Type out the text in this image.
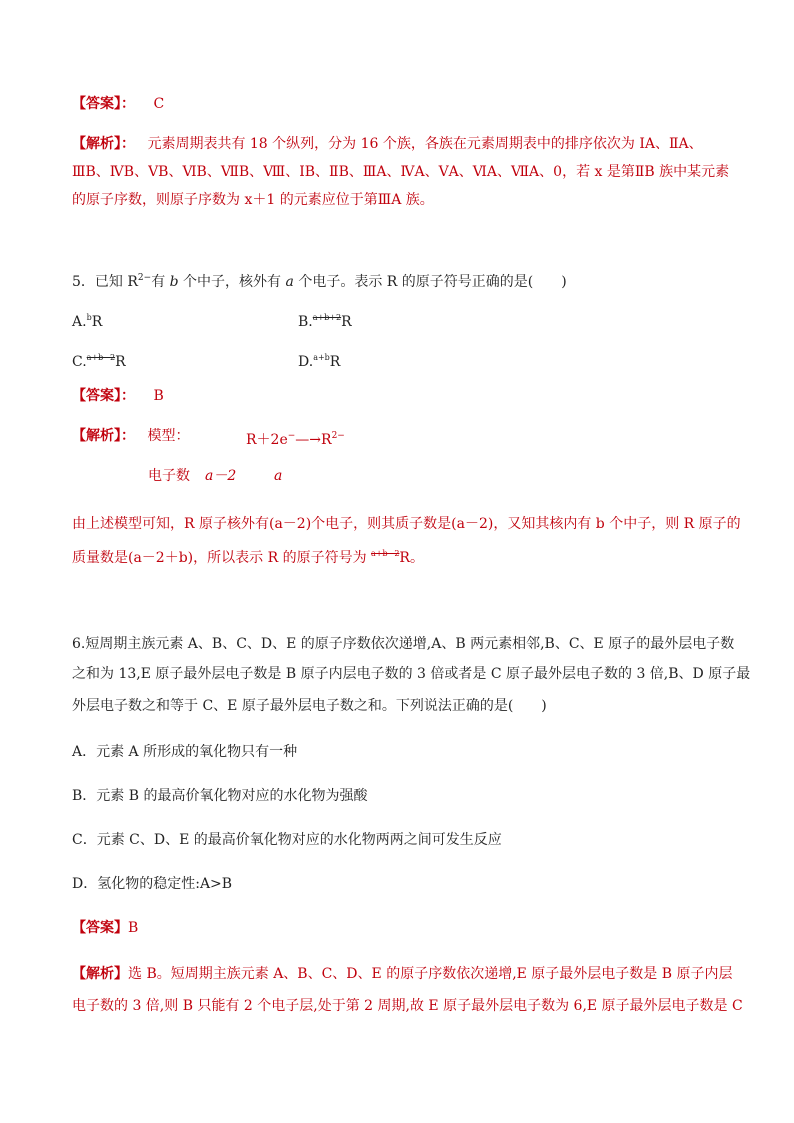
【答案】： C
【解析】： 元素周期表共有 18 个纵列，分为 16 个族，各族在元素周期表中的排序依次为 ⅠA、ⅡA、
ⅢB、ⅣB、ⅤB、ⅥB、ⅦB、Ⅷ、ⅠB、ⅡB、ⅢA、ⅣA、ⅤA、ⅥA、ⅦA、0，若 x 是第ⅡB 族中某元素
的原子序数，则原子序数为 x＋1 的元素应位于第ⅢA 族。
5．已知 $R^{2-}$有 b 个中子，核外有 a 个电子。表示 R 的原子符号正确的是(　　)
A.$^b$R	B.$^{a+b+2}$R
C.$^{a+b-2}$R	D.$^{a+b}$R
【答案】： B
【解析】： 模型：	$R+2e^-—\to R^{2-}$
电子数 a－2	a
由上述模型可知，R 原子核外有(a－2)个电子，则其质子数是(a－2)，又知其核内有 b 个中子，则 R 原子的
质量数是(a－2＋b)，所以表示 R 的原子符号为 $^{a+b-2}$R。
6.短周期主族元素 A、B、C、D、E 的原子序数依次递增,A、B 两元素相邻,B、C、E 原子的最外层电子数
之和为 13,E 原子最外层电子数是 B 原子内层电子数的 3 倍或者是 C 原子最外层电子数的 3 倍,B、D 原子最
外层电子数之和等于 C、E 原子最外层电子数之和。下列说法正确的是(　　)
A．元素 A 所形成的氧化物只有一种
B．元素 B 的最高价氧化物对应的水化物为强酸
C．元素 C、D、E 的最高价氧化物对应的水化物两两之间可发生反应
D．氢化物的稳定性:A>B
【答案】B
【解析】选 B。短周期主族元素 A、B、C、D、E 的原子序数依次递增,E 原子最外层电子数是 B 原子内层
电子数的 3 倍,则 B 只能有 2 个电子层,处于第 2 周期,故 E 原子最外层电子数为 6,E 原子最外层电子数是 C
